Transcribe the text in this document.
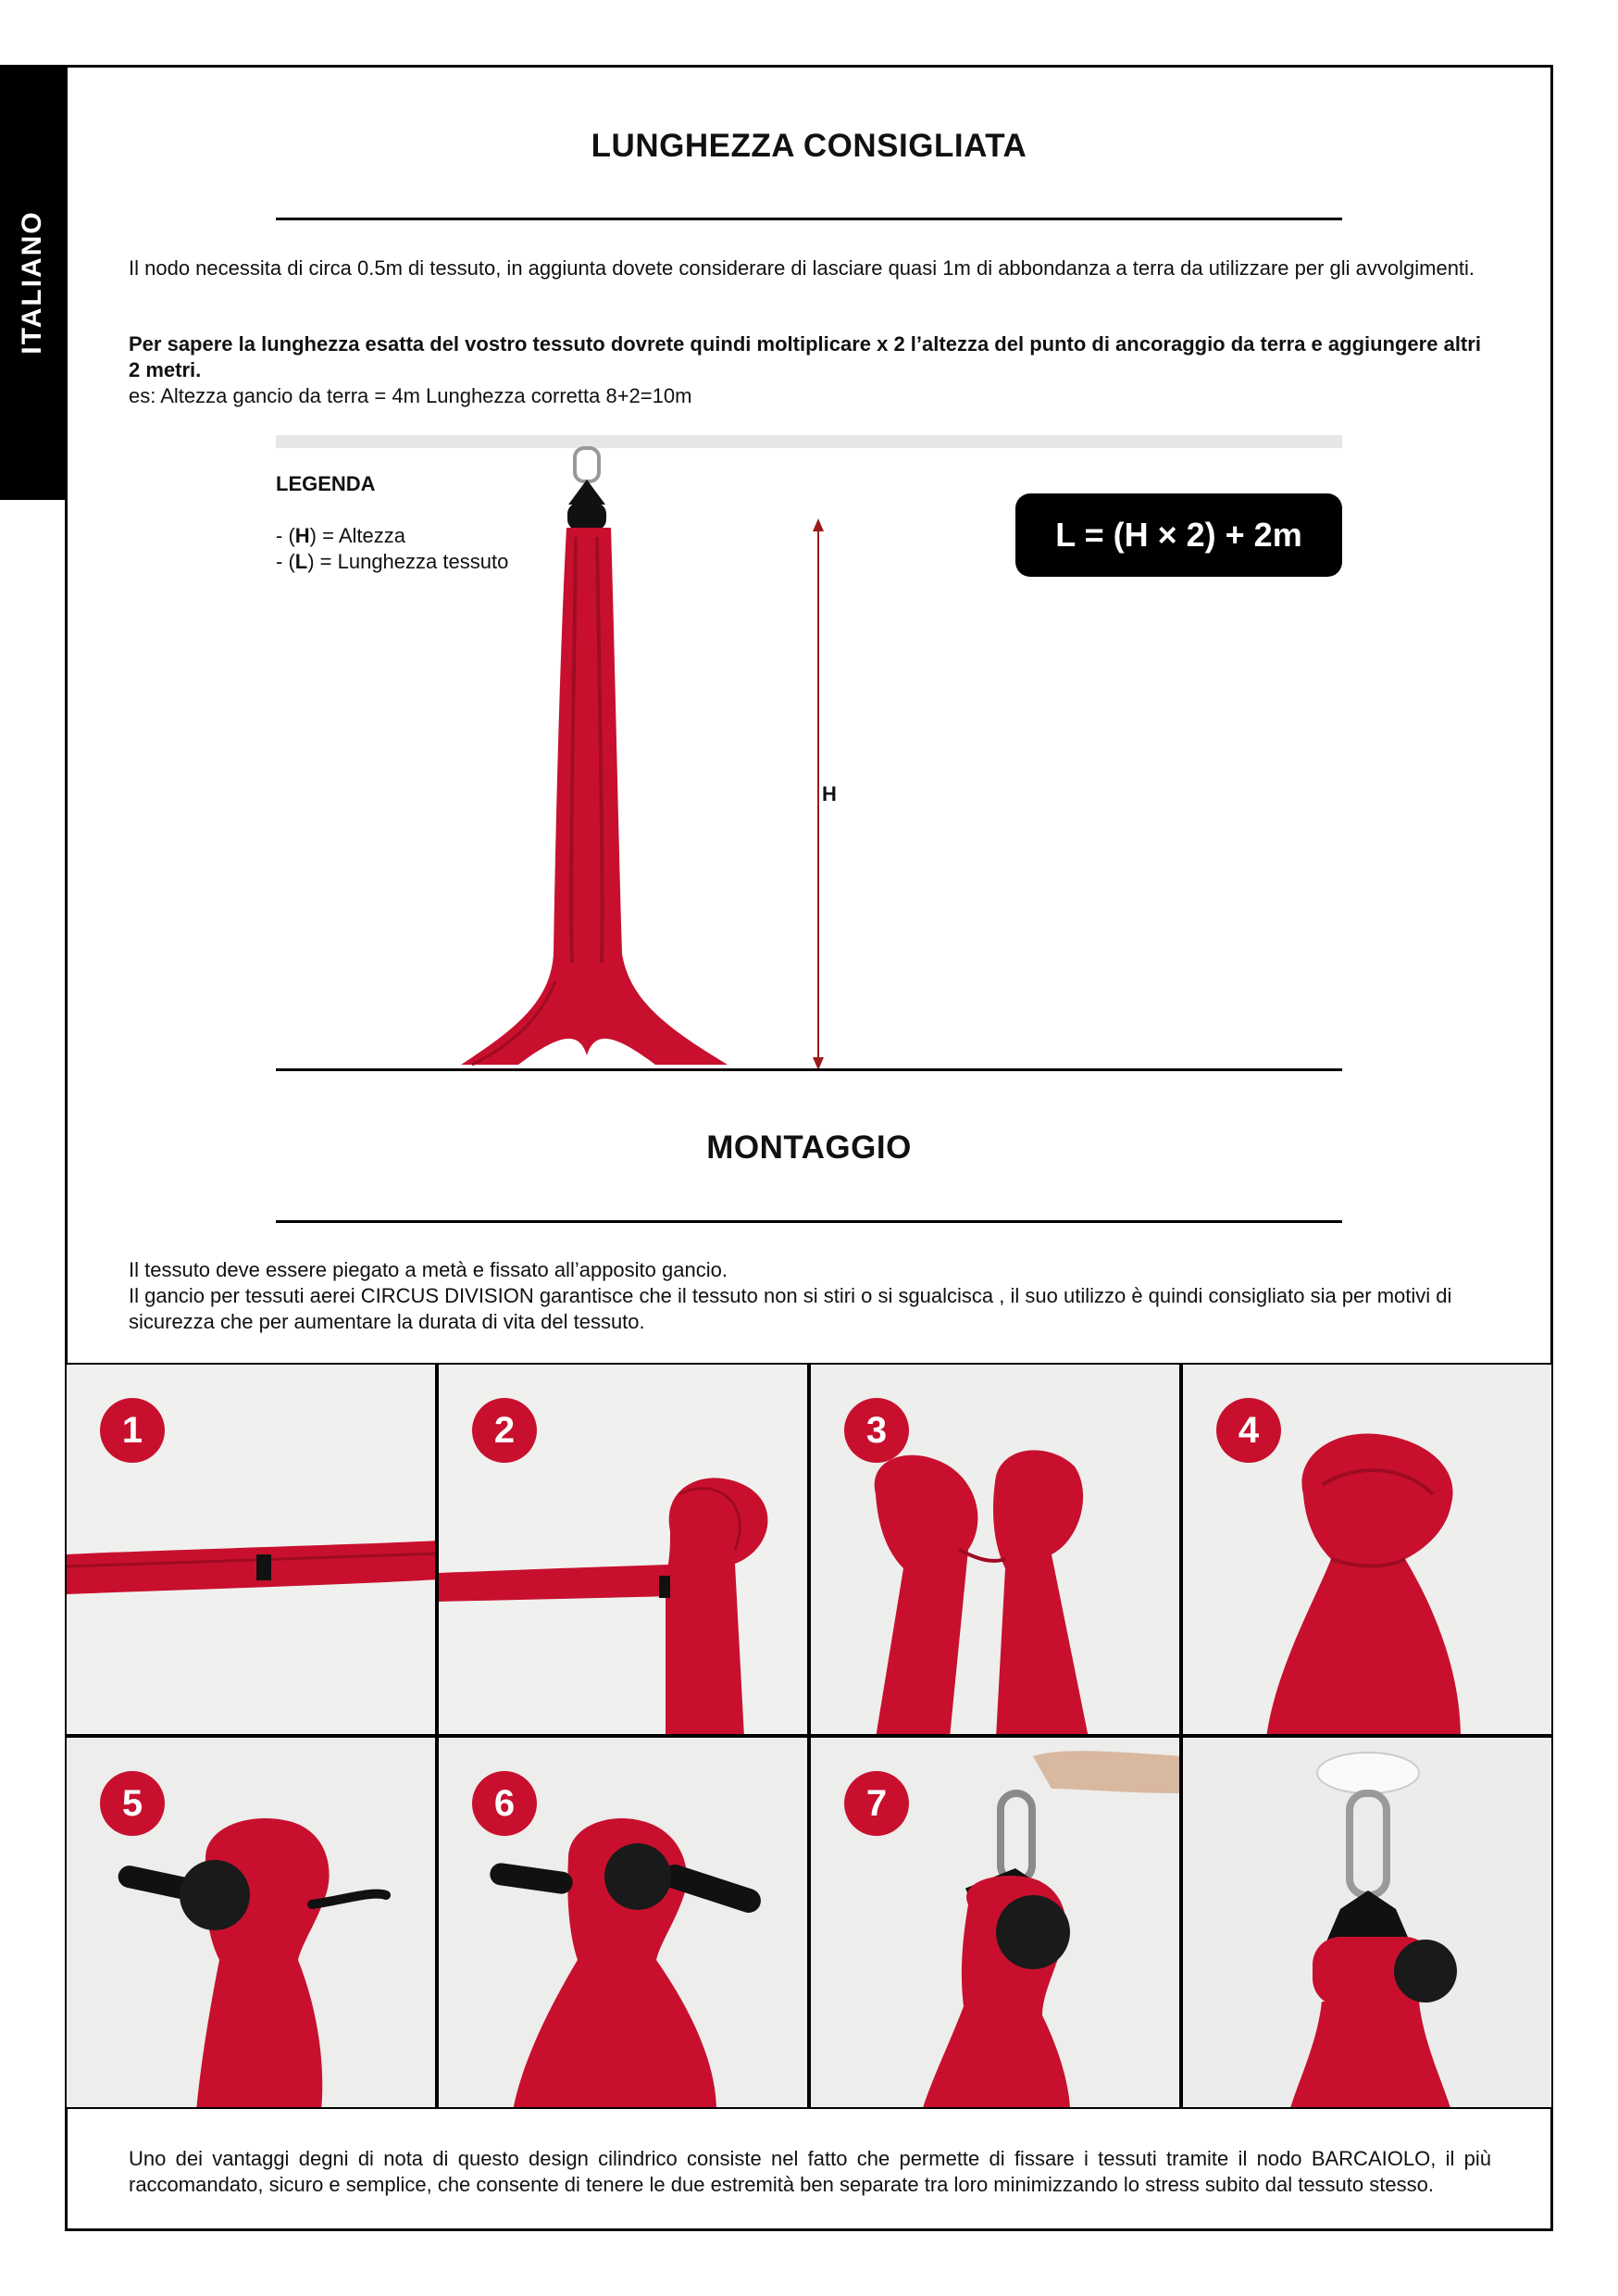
ITALIANO
LUNGHEZZA CONSIGLIATA
Il nodo necessita di circa 0.5m di tessuto, in aggiunta dovete considerare di lasciare quasi 1m di abbondanza a terra da utilizzare per gli avvolgimenti.
Per sapere la lunghezza esatta del vostro tessuto dovrete quindi moltiplicare x 2 l’altezza del punto di ancoraggio da terra e aggiungere altri 2 metri.
es: Altezza gancio da terra = 4m Lunghezza corretta 8+2=10m
LEGENDA
- (H) = Altezza
- (L) = Lunghezza tessuto
L = (H × 2) + 2m
H
MONTAGGIO
Il tessuto deve essere piegato a metà e fissato all’apposito gancio.
Il gancio per tessuti aerei CIRCUS DIVISION garantisce che il tessuto non si stiri o si sgualcisca , il suo utilizzo è quindi consigliato sia per motivi di sicurezza che per aumentare la durata di vita del tessuto.
1	2	3	4
5	6	7
Uno dei vantaggi degni di nota di questo design cilindrico consiste nel fatto che permette di fissare i tessuti tramite il nodo BARCAIOLO, il più raccomandato, sicuro e semplice, che consente di tenere le due estremità ben separate tra loro minimizzando lo stress subito dal tessuto stesso.
